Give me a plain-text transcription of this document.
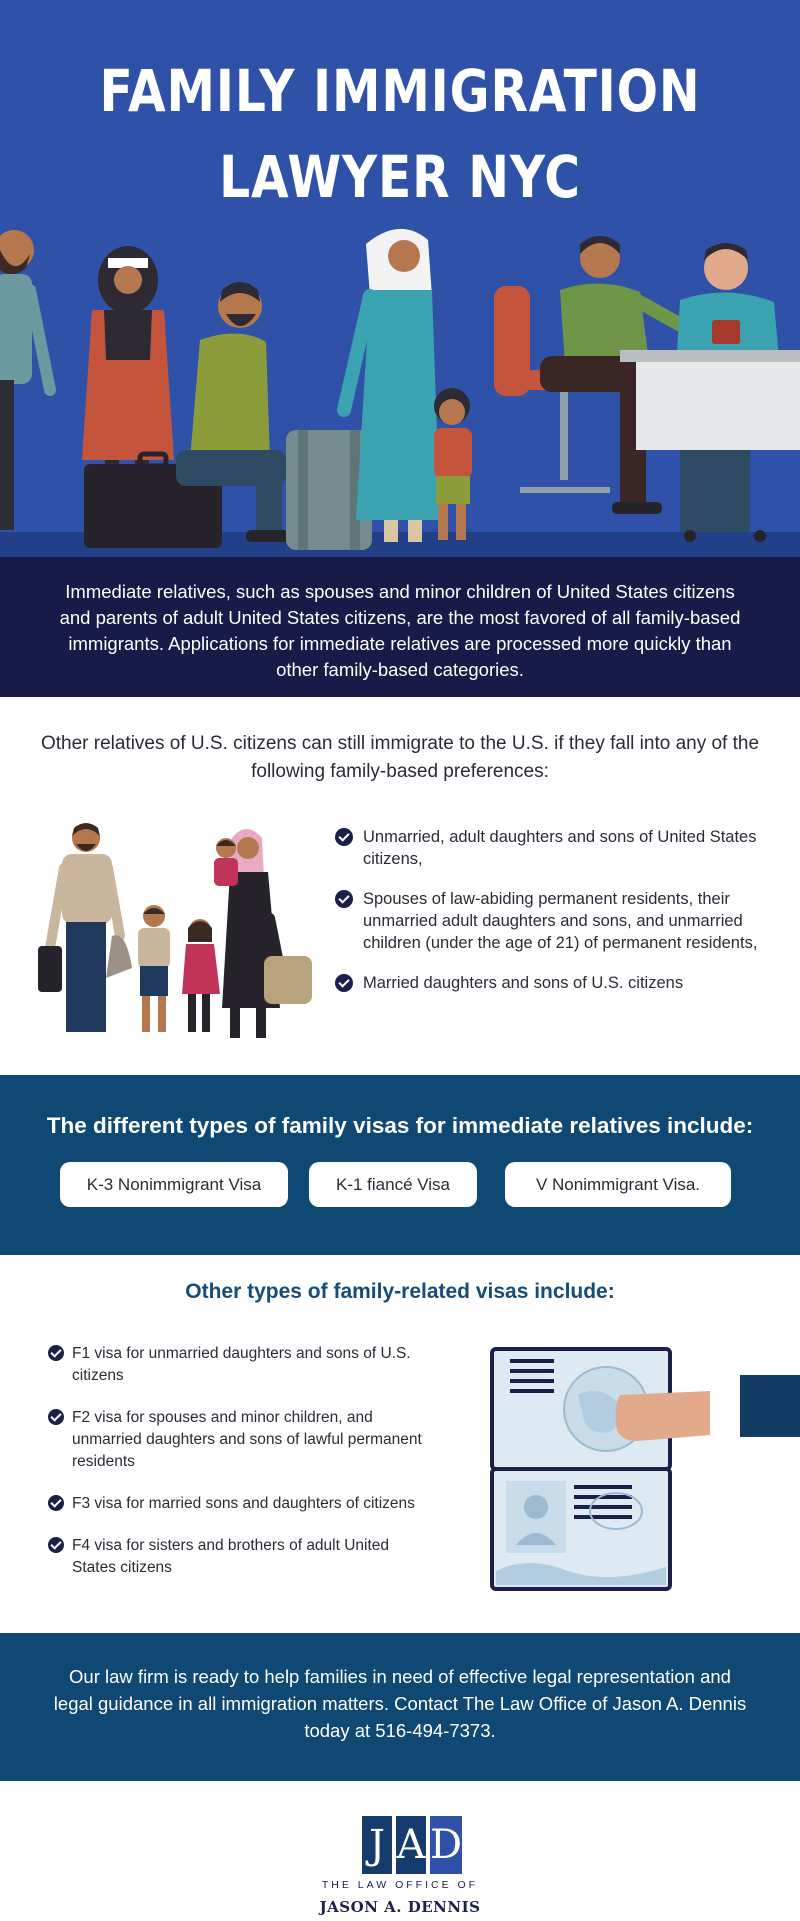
FAMILY IMMIGRATION
LAWYER NYC

Immediate relatives, such as spouses and minor children of United States citizens and parents of adult United States citizens, are the most favored of all family-based immigrants. Applications for immediate relatives are processed more quickly than other family-based categories.

Other relatives of U.S. citizens can still immigrate to the U.S. if they fall into any of the following family-based preferences:

Unmarried, adult daughters and sons of United States citizens,
Spouses of law-abiding permanent residents, their unmarried adult daughters and sons, and unmarried children (under the age of 21) of permanent residents,
Married daughters and sons of U.S. citizens
The different types of family visas for immediate relatives include:
K-3 Nonimmigrant Visa	K-1 fiancé Visa	V Nonimmigrant Visa.
Other types of family-related visas include:
F1 visa for unmarried daughters and sons of U.S. citizens
F2 visa for spouses and minor children, and unmarried daughters and sons of lawful permanent residents
F3 visa for married sons and daughters of citizens
F4 visa for sisters and brothers of adult United States citizens

Our law firm is ready to help families in need of effective legal representation and legal guidance in all immigration matters. Contact The Law Office of Jason A. Dennis today at 516-494-7373.

J A D
THE LAW OFFICE OF
JASON A. DENNIS
